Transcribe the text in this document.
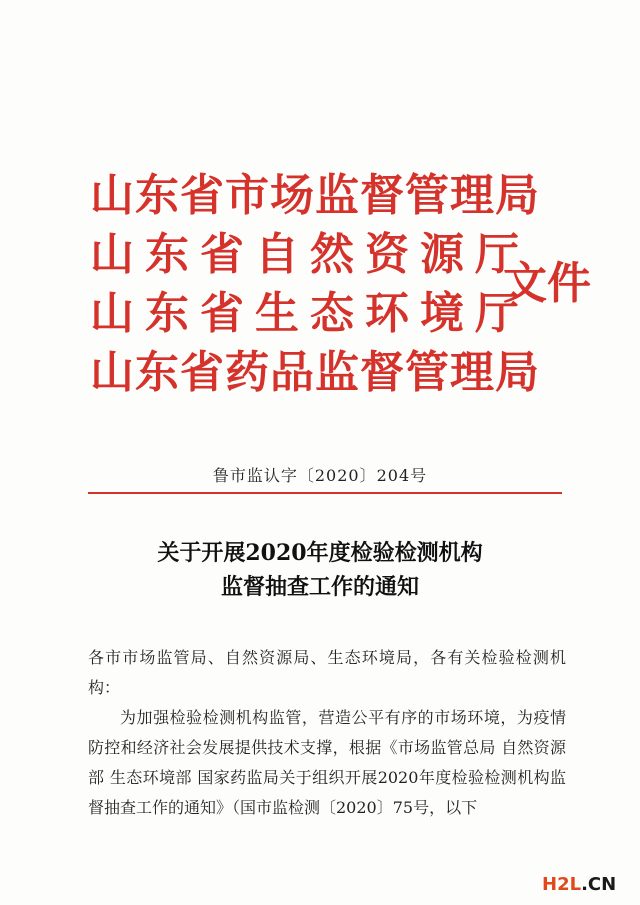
山东省市场监督管理局
山东省自然资源厅
山东省生态环境厅
山东省药品监督管理局
文件
鲁市监认字〔2020〕204号
关于开展2020年度检验检测机构
监督抽查工作的通知

各市市场监管局、自然资源局、生态环境局，各有关检验检测机构：

为加强检验检测机构监管，营造公平有序的市场环境，为疫情防控和经济社会发展提供技术支撑，根据《市场监管总局 自然资源部 生态环境部 国家药监局关于组织开展2020年度检验检测机构监督抽查工作的通知》（国市监检测〔2020〕75号，以下

H2L.CN
